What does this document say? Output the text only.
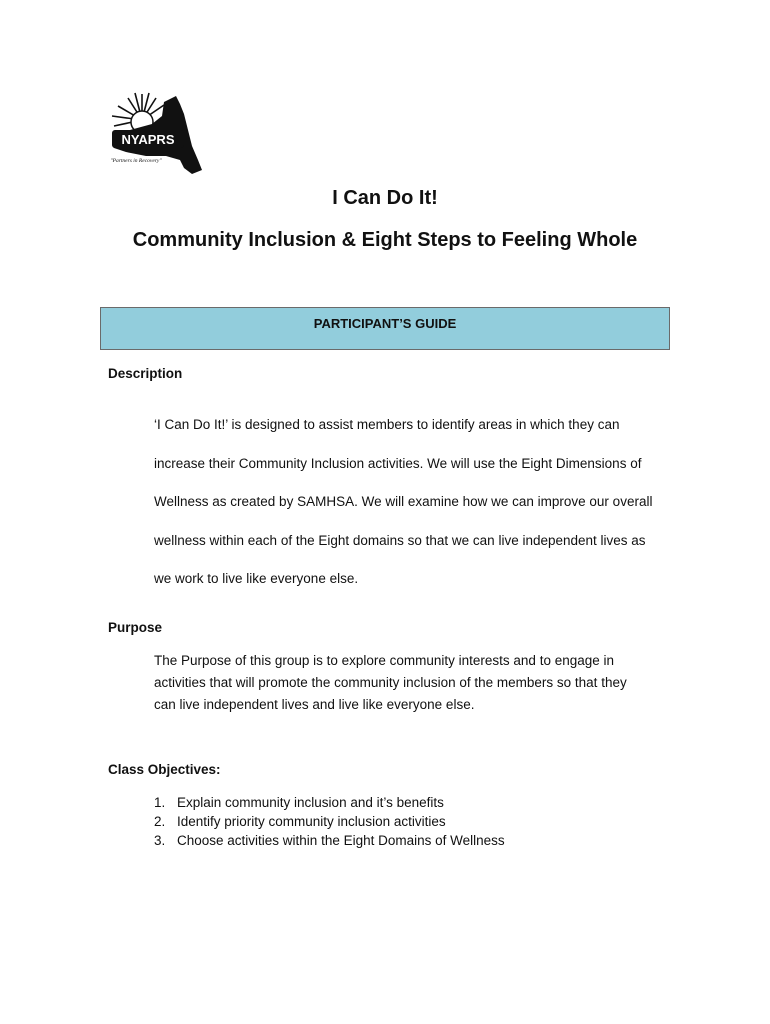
NYAPRS
"Partners in Recovery"
I Can Do It!
Community Inclusion & Eight Steps to Feeling Whole
PARTICIPANT’S GUIDE
Description

‘I Can Do It!’ is designed to assist members to identify areas in which they can

increase their Community Inclusion activities. We will use the Eight Dimensions of

Wellness as created by SAMHSA. We will examine how we can improve our overall

wellness within each of the Eight domains so that we can live independent lives as

we work to live like everyone else.

Purpose

The Purpose of this group is to explore community interests and to engage in

activities that will promote the community inclusion of the members so that they

can live independent lives and live like everyone else.

Class Objectives:
1. Explain community inclusion and it’s benefits
2. Identify priority community inclusion activities
3. Choose activities within the Eight Domains of Wellness
